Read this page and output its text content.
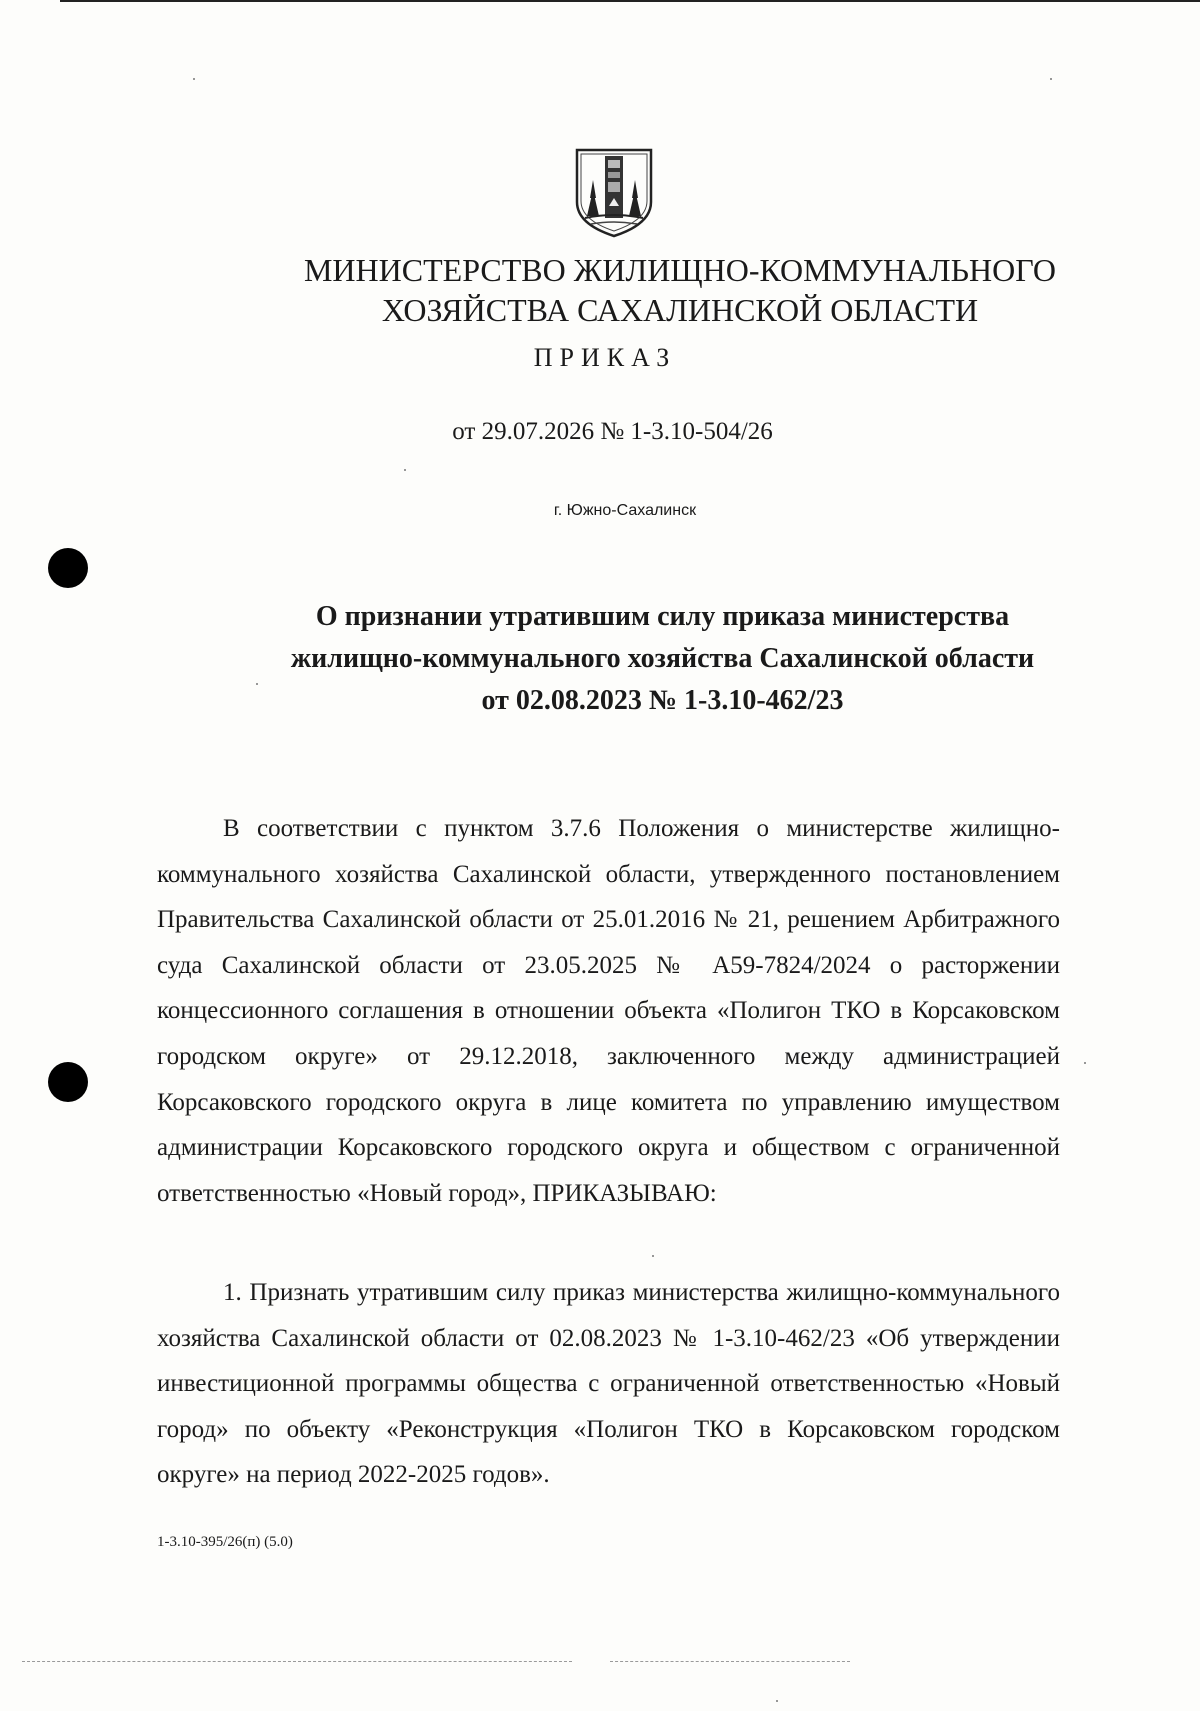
МИНИСТЕРСТВО ЖИЛИЩНО-КОММУНАЛЬНОГО
ХОЗЯЙСТВА САХАЛИНСКОЙ ОБЛАСТИ
ПРИКАЗ
от 29.07.2026 № 1-3.10-504/26
г. Южно-Сахалинск
О признании утратившим силу приказа министерства
жилищно-коммунального хозяйства Сахалинской области
от 02.08.2023 № 1-3.10-462/23

В соответствии с пунктом 3.7.6 Положения о министерстве жилищно-коммунального хозяйства Сахалинской области, утвержденного постановлением Правительства Сахалинской области от 25.01.2016 № 21, решением Арбитражного суда Сахалинской области от 23.05.2025 № А59-7824/2024 о расторжении концессионного соглашения в отношении объекта «Полигон ТКО в Корсаковском городском округе» от 29.12.2018, заключенного между администрацией Корсаковского городского округа в лице комитета по управлению имуществом администрации Корсаковского городского округа и обществом с ограниченной ответственностью «Новый город», ПРИКАЗЫВАЮ:

1. Признать утратившим силу приказ министерства жилищно-коммунального хозяйства Сахалинской области от 02.08.2023 № 1-3.10-462/23 «Об утверждении инвестиционной программы общества с ограниченной ответственностью «Новый город» по объекту «Реконструкция «Полигон ТКО в Корсаковском городском округе» на период 2022-2025 годов».

1-3.10-395/26(п) (5.0)
